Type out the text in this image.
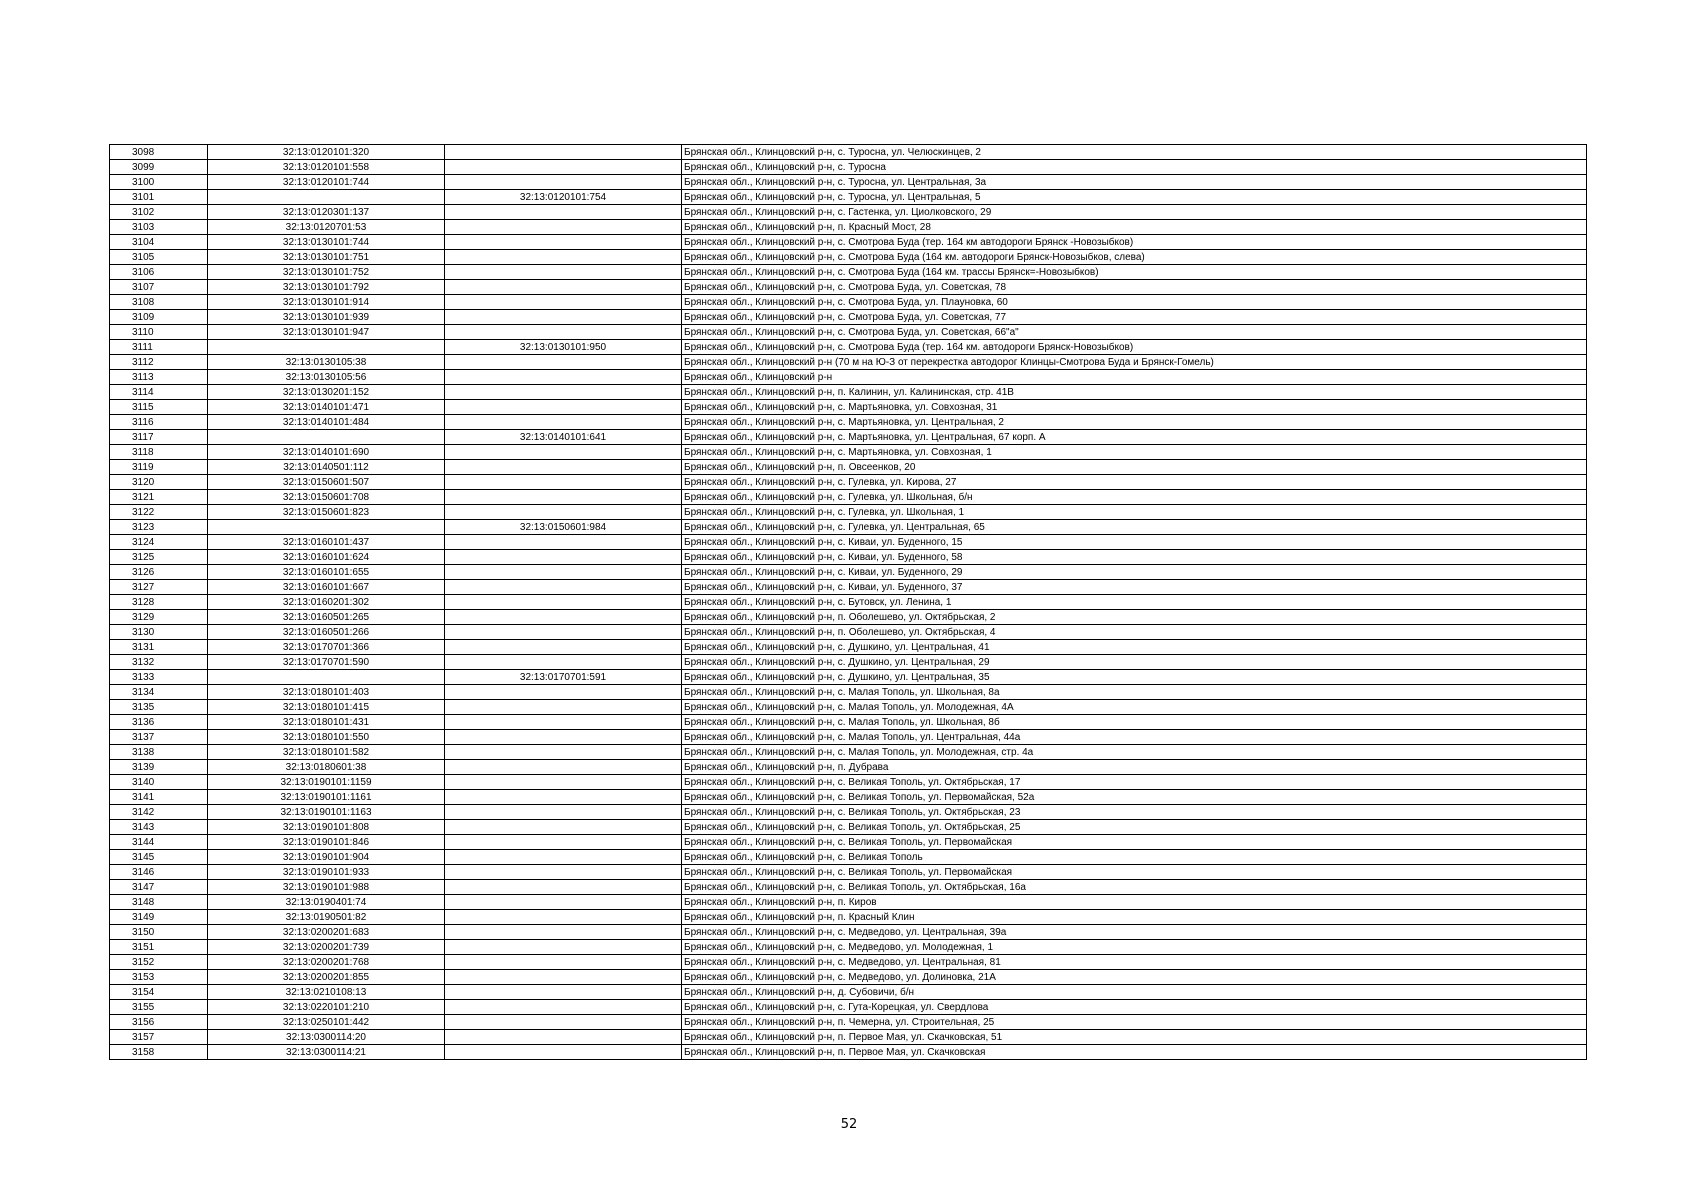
3098	32:13:0120101:320		Брянская обл., Клинцовский р-н, с. Туросна, ул. Челюскинцев, 2
3099	32:13:0120101:558		Брянская обл., Клинцовский р-н, с. Туросна
3100	32:13:0120101:744		Брянская обл., Клинцовский р-н, с. Туросна, ул. Центральная, 3а
3101		32:13:0120101:754	Брянская обл., Клинцовский р-н, с. Туросна, ул. Центральная, 5
3102	32:13:0120301:137		Брянская обл., Клинцовский р-н, с. Гастенка, ул. Циолковского, 29
3103	32:13:0120701:53		Брянская обл., Клинцовский р-н, п. Красный Мост, 28
3104	32:13:0130101:744		Брянская обл., Клинцовский р-н, с. Смотрова Буда (тер. 164 км автодороги Брянск -Новозыбков)
3105	32:13:0130101:751		Брянская обл., Клинцовский р-н, с. Смотрова Буда (164 км. автодороги Брянск-Новозыбков, слева)
3106	32:13:0130101:752		Брянская обл., Клинцовский р-н, с. Смотрова Буда (164 км. трассы Брянск=-Новозыбков)
3107	32:13:0130101:792		Брянская обл., Клинцовский р-н, с. Смотрова Буда, ул. Советская, 78
3108	32:13:0130101:914		Брянская обл., Клинцовский р-н, с. Смотрова Буда, ул. Плауновка, 60
3109	32:13:0130101:939		Брянская обл., Клинцовский р-н, с. Смотрова Буда, ул. Советская, 77
3110	32:13:0130101:947		Брянская обл., Клинцовский р-н, с. Смотрова Буда, ул. Советская, 66"а"
3111		32:13:0130101:950	Брянская обл., Клинцовский р-н, с. Смотрова Буда (тер. 164 км. автодороги Брянск-Новозыбков)
3112	32:13:0130105:38		Брянская обл., Клинцовский р-н (70 м на Ю-З от перекрестка автодорог Клинцы-Смотрова Буда и Брянск-Гомель)
3113	32:13:0130105:56		Брянская обл., Клинцовский р-н
3114	32:13:0130201:152		Брянская обл., Клинцовский р-н, п. Калинин, ул. Калининская, стр. 41В
3115	32:13:0140101:471		Брянская обл., Клинцовский р-н, с. Мартьяновка, ул. Совхозная, 31
3116	32:13:0140101:484		Брянская обл., Клинцовский р-н, с. Мартьяновка, ул. Центральная, 2
3117		32:13:0140101:641	Брянская обл., Клинцовский р-н, с. Мартьяновка, ул. Центральная, 67 корп. А
3118	32:13:0140101:690		Брянская обл., Клинцовский р-н, с. Мартьяновка, ул. Совхозная, 1
3119	32:13:0140501:112		Брянская обл., Клинцовский р-н, п. Овсеенков, 20
3120	32:13:0150601:507		Брянская обл., Клинцовский р-н, с. Гулевка, ул. Кирова, 27
3121	32:13:0150601:708		Брянская обл., Клинцовский р-н, с. Гулевка, ул. Школьная, б/н
3122	32:13:0150601:823		Брянская обл., Клинцовский р-н, с. Гулевка, ул. Школьная, 1
3123		32:13:0150601:984	Брянская обл., Клинцовский р-н, с. Гулевка, ул. Центральная, 65
3124	32:13:0160101:437		Брянская обл., Клинцовский р-н, с. Киваи, ул. Буденного, 15
3125	32:13:0160101:624		Брянская обл., Клинцовский р-н, с. Киваи, ул. Буденного, 58
3126	32:13:0160101:655		Брянская обл., Клинцовский р-н, с. Киваи, ул. Буденного, 29
3127	32:13:0160101:667		Брянская обл., Клинцовский р-н, с. Киваи, ул. Буденного, 37
3128	32:13:0160201:302		Брянская обл., Клинцовский р-н, с. Бутовск, ул. Ленина, 1
3129	32:13:0160501:265		Брянская обл., Клинцовский р-н, п. Оболешево, ул. Октябрьская, 2
3130	32:13:0160501:266		Брянская обл., Клинцовский р-н, п. Оболешево, ул. Октябрьская, 4
3131	32:13:0170701:366		Брянская обл., Клинцовский р-н, с. Душкино, ул. Центральная, 41
3132	32:13:0170701:590		Брянская обл., Клинцовский р-н, с. Душкино, ул. Центральная, 29
3133		32:13:0170701:591	Брянская обл., Клинцовский р-н, с. Душкино, ул. Центральная, 35
3134	32:13:0180101:403		Брянская обл., Клинцовский р-н, с. Малая Тополь, ул. Школьная, 8а
3135	32:13:0180101:415		Брянская обл., Клинцовский р-н, с. Малая Тополь, ул. Молодежная, 4А
3136	32:13:0180101:431		Брянская обл., Клинцовский р-н, с. Малая Тополь, ул. Школьная, 8б
3137	32:13:0180101:550		Брянская обл., Клинцовский р-н, с. Малая Тополь, ул. Центральная, 44а
3138	32:13:0180101:582		Брянская обл., Клинцовский р-н, с. Малая Тополь, ул. Молодежная, стр. 4а
3139	32:13:0180601:38		Брянская обл., Клинцовский р-н, п. Дубрава
3140	32:13:0190101:1159		Брянская обл., Клинцовский р-н, с. Великая Тополь, ул. Октябрьская, 17
3141	32:13:0190101:1161		Брянская обл., Клинцовский р-н, с. Великая Тополь, ул. Первомайская, 52а
3142	32:13:0190101:1163		Брянская обл., Клинцовский р-н, с. Великая Тополь, ул. Октябрьская, 23
3143	32:13:0190101:808		Брянская обл., Клинцовский р-н, с. Великая Тополь, ул. Октябрьская, 25
3144	32:13:0190101:846		Брянская обл., Клинцовский р-н, с. Великая Тополь, ул. Первомайская
3145	32:13:0190101:904		Брянская обл., Клинцовский р-н, с. Великая Тополь
3146	32:13:0190101:933		Брянская обл., Клинцовский р-н, с. Великая Тополь, ул. Первомайская
3147	32:13:0190101:988		Брянская обл., Клинцовский р-н, с. Великая Тополь, ул. Октябрьская, 16а
3148	32:13:0190401:74		Брянская обл., Клинцовский р-н, п. Киров
3149	32:13:0190501:82		Брянская обл., Клинцовский р-н, п. Красный Клин
3150	32:13:0200201:683		Брянская обл., Клинцовский р-н, с. Медведово, ул. Центральная, 39а
3151	32:13:0200201:739		Брянская обл., Клинцовский р-н, с. Медведово, ул. Молодежная, 1
3152	32:13:0200201:768		Брянская обл., Клинцовский р-н, с. Медведово, ул. Центральная, 81
3153	32:13:0200201:855		Брянская обл., Клинцовский р-н, с. Медведово, ул. Долиновка, 21А
3154	32:13:0210108:13		Брянская обл., Клинцовский р-н, д. Субовичи, б/н
3155	32:13:0220101:210		Брянская обл., Клинцовский р-н, с. Гута-Корецкая, ул. Свердлова
3156	32:13:0250101:442		Брянская обл., Клинцовский р-н, п. Чемерна, ул. Строительная, 25
3157	32:13:0300114:20		Брянская обл., Клинцовский р-н, п. Первое Мая, ул. Скачковская, 51
3158	32:13:0300114:21		Брянская обл., Клинцовский р-н, п. Первое Мая, ул. Скачковская
52
